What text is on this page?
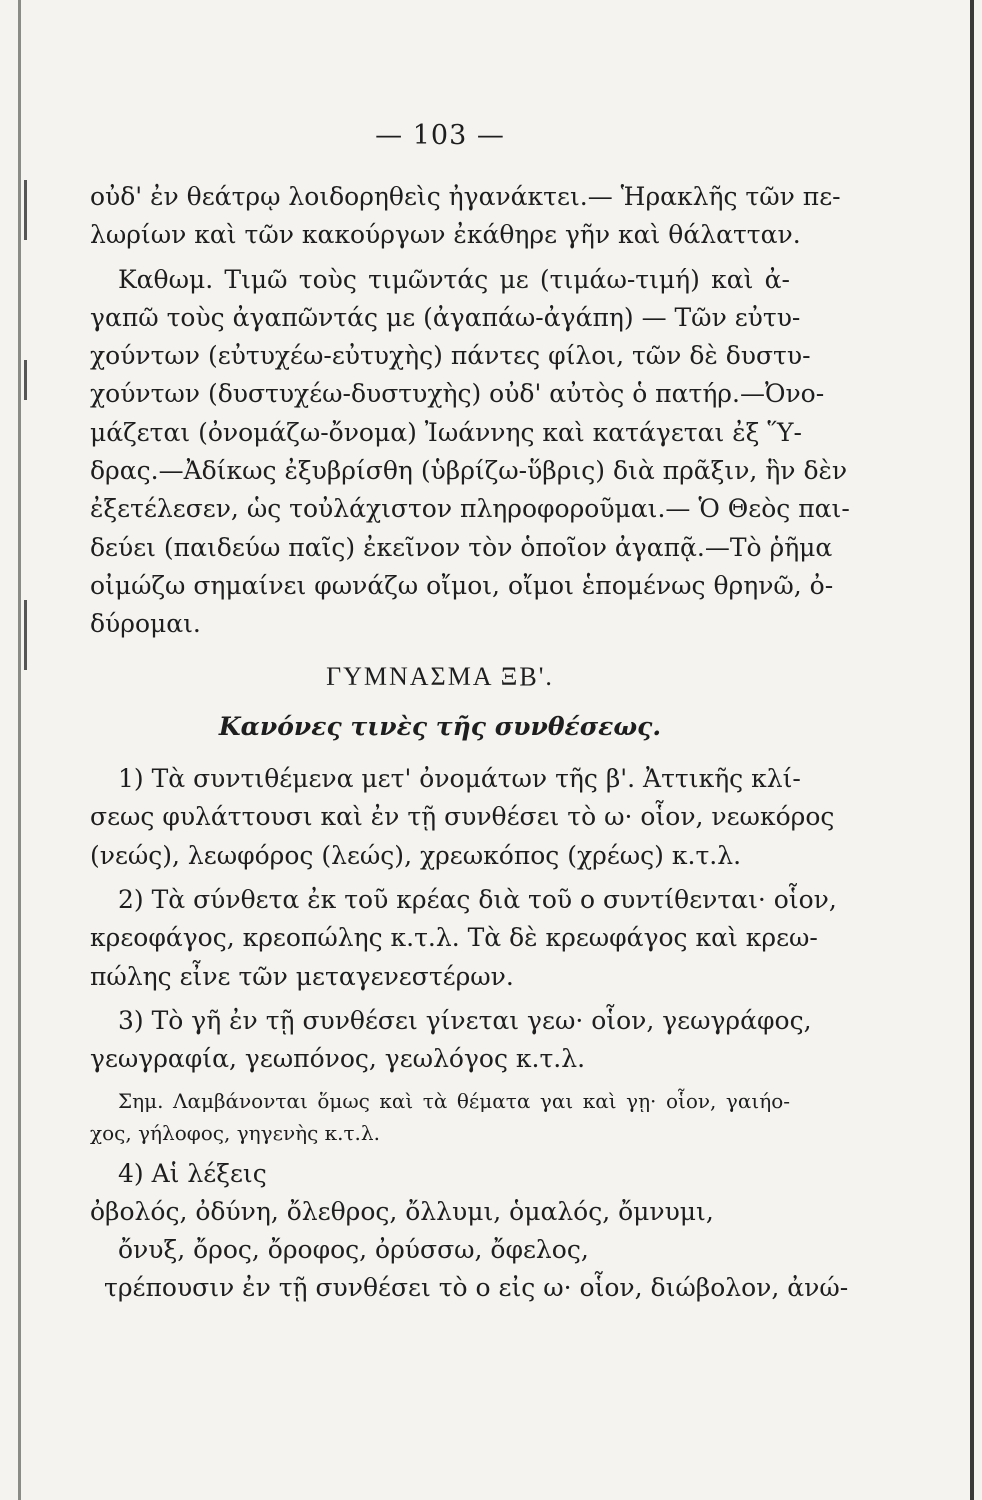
— 103 —
οὐδ' ἐν θεάτρῳ λοιδορηθεὶς ἠγανάκτει.— Ἡρακλῆς τῶν πε-
λωρίων καὶ τῶν κακούργων ἐκάθηρε γῆν καὶ θάλατταν.
Καθωμ. Τιμῶ τοὺς τιμῶντάς με (τιμάω-τιμή) καὶ ἀ-
γαπῶ τοὺς ἀγαπῶντάς με (ἀγαπάω-ἀγάπη) — Τῶν εὐτυ-
χούντων (εὐτυχέω-εὐτυχὴς) πάντες φίλοι, τῶν δὲ δυστυ-
χούντων (δυστυχέω-δυστυχὴς) οὐδ' αὐτὸς ὁ πατήρ.—Ὀνο-
μάζεται (ὀνομάζω-ὄνομα) Ἰωάννης καὶ κατάγεται ἐξ Ὕ-
δρας.—Ἀδίκως ἐξυβρίσθη (ὑβρίζω-ὕβρις) διὰ πρᾶξιν, ἣν δὲν
ἐξετέλεσεν, ὡς τοὐλάχιστον πληροφοροῦμαι.— Ὁ Θεὸς παι-
δεύει (παιδεύω παῖς) ἐκεῖνον τὸν ὁποῖον ἀγαπᾷ.—Τὸ ῥῆμα
οἰμώζω σημαίνει φωνάζω οἴμοι, οἴμοι ἑπομένως θρηνῶ, ὀ-
δύρομαι.
ΓΥΜΝΑΣΜΑ ΞΒ'.
Κανόνες τινὲς τῆς συνθέσεως.
1) Τὰ συντιθέμενα μετ' ὀνομάτων τῆς β'. Ἀττικῆς κλί-
σεως φυλάττουσι καὶ ἐν τῇ συνθέσει τὸ ω· οἷον, νεωκόρος
(νεώς), λεωφόρος (λεώς), χρεωκόπος (χρέως) κ.τ.λ.
2) Τὰ σύνθετα ἐκ τοῦ κρέας διὰ τοῦ ο συντίθενται· οἷον,
κρεοφάγος, κρεοπώλης κ.τ.λ. Τὰ δὲ κρεωφάγος καὶ κρεω-
πώλης εἶνε τῶν μεταγενεστέρων.
3) Τὸ γῆ ἐν τῇ συνθέσει γίνεται γεω· οἷον, γεωγράφος,
γεωγραφία, γεωπόνος, γεωλόγος κ.τ.λ.
Σημ. Λαμβάνονται ὅμως καὶ τὰ θέματα γαι καὶ γῃ· οἷον, γαιήο-
χος, γήλοφος, γηγενὴς κ.τ.λ.
4) Αἱ λέξεις
ὀβολός, ὀδύνη, ὄλεθρος, ὄλλυμι, ὁμαλός, ὄμνυμι,
ὄνυξ, ὄρος, ὄροφος, ὀρύσσω, ὄφελος,
τρέπουσιν ἐν τῇ συνθέσει τὸ ο εἰς ω· οἷον, διώβολον, ἀνώ-
